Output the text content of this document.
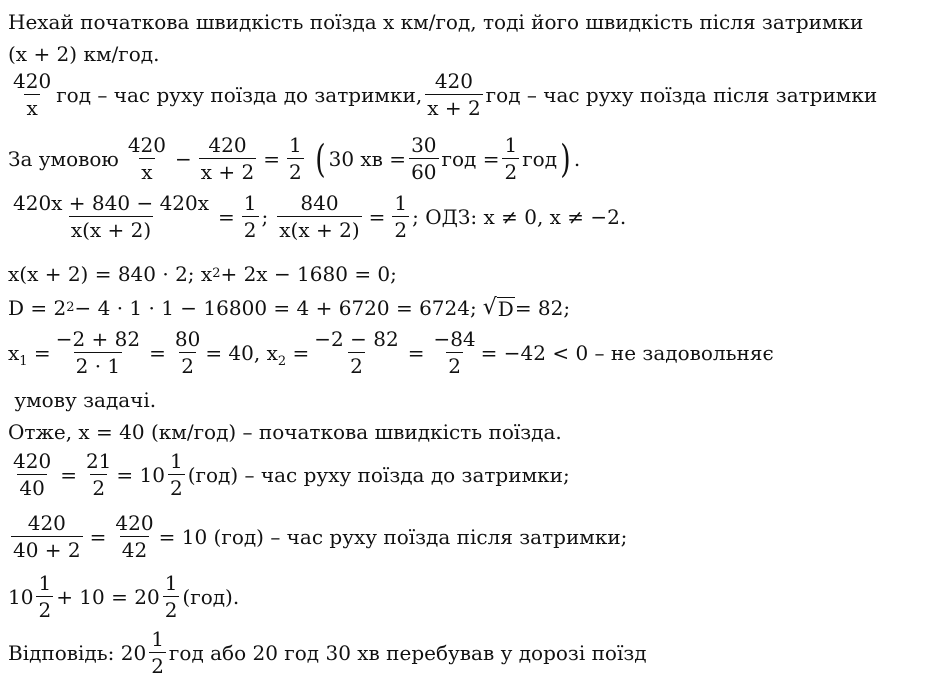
Нехай початкова швидкість поїзда x км/год, тоді його швидкість після затримки
(x + 2) км/год.
$\frac{420}{x}$ год – час руху поїзда до затримки, $\frac{420}{x + 2}$ год – час руху поїзда після затримки
За умовою $\frac{420}{x} - \frac{420}{x + 2} = \frac{1}{2}$ ( 30 хв = $\frac{30}{60}$ год = $\frac{1}{2}$ год ) .
$\frac{420x + 840 - 420x}{x(x + 2)} = \frac{1}{2}$ ; $\frac{840}{x(x + 2)} = \frac{1}{2}$ ; ОДЗ: x ≠ 0, x ≠ −2.
x(x + 2) = 840 · 2; x 2 + 2x − 1680 = 0;
D = 2 2 − 4 · 1 · 1 − 16800 = 4 + 6720 = 6724; √ D = 82;
$x_1 = \frac{-2 + 82}{2 \cdot 1} = \frac{80}{2} = 40$, $x_2 = \frac{-2 - 82}{2} = \frac{-84}{2} = -42 < 0$ – не задовольняє
умову задачі.
Отже, x = 40 (км/год) – початкова швидкість поїзда.
$\frac{420}{40} = \frac{21}{2} = 10 \frac{1}{2} (год)$ – час руху поїзда до затримки;
$\frac{420}{40 + 2} = \frac{420}{42} = 10$ (год) – час руху поїзда після затримки;
$10 \frac{1}{2} + 10 = 20 \frac{1}{2} (год)$.
Відповідь: $20 \frac{1}{2}$ год або 20 год 30 хв перебував у дорозі поїзд
